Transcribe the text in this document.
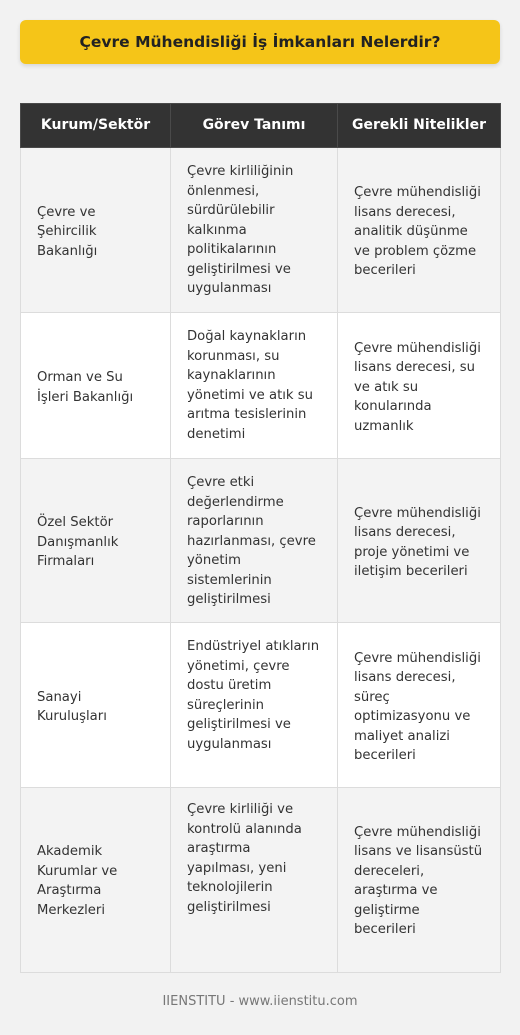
Çevre Mühendisliği İş İmkanları Nelerdir?
Kurum/Sektör	Görev Tanımı	Gerekli Nitelikler
Çevre ve Şehircilik Bakanlığı	Çevre kirliliğinin önlenmesi, sürdürülebilir kalkınma politikalarının geliştirilmesi ve uygulanması	Çevre mühendisliği lisans derecesi, analitik düşünme ve problem çözme becerileri
Orman ve Su İşleri Bakanlığı	Doğal kaynakların korunması, su kaynaklarının yönetimi ve atık su arıtma tesislerinin denetimi	Çevre mühendisliği lisans derecesi, su ve atık su konularında uzmanlık
Özel Sektör Danışmanlık Firmaları	Çevre etki değerlendirme raporlarının hazırlanması, çevre yönetim sistemlerinin geliştirilmesi	Çevre mühendisliği lisans derecesi, proje yönetimi ve iletişim becerileri
Sanayi Kuruluşları	Endüstriyel atıkların yönetimi, çevre dostu üretim süreçlerinin geliştirilmesi ve uygulanması	Çevre mühendisliği lisans derecesi, süreç optimizasyonu ve maliyet analizi becerileri
Akademik Kurumlar ve Araştırma Merkezleri	Çevre kirliliği ve kontrolü alanında araştırma yapılması, yeni teknolojilerin geliştirilmesi	Çevre mühendisliği lisans ve lisansüstü dereceleri, araştırma ve geliştirme becerileri
IIENSTITU - www.iienstitu.com
